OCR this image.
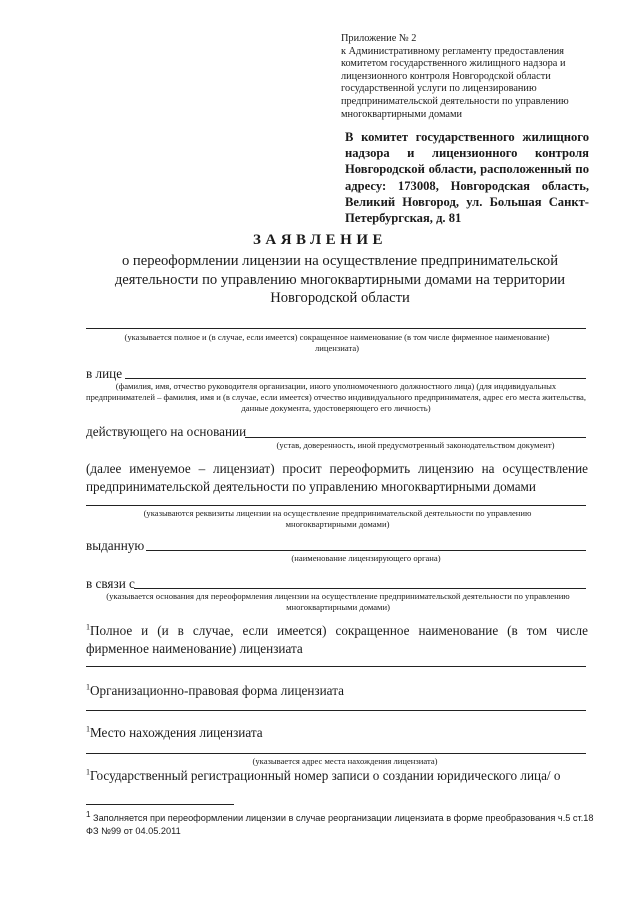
Приложение № 2
к Административному регламенту предоставления комитетом государственного жилищного надзора и лицензионного контроля Новгородской области государственной услуги по лицензированию предпринимательской деятельности по управлению многоквартирными домами
В комитет государственного жилищного надзора и лицензионного контроля Новгородской области, расположенный по адресу: 173008, Новгородская область, Великий Новгород, ул. Большая Санкт-Петербургская, д. 81
ЗАЯВЛЕНИЕ
о переоформлении лицензии на осуществление предпринимательской деятельности по управлению многоквартирными домами на территории Новгородской области
(указывается полное и (в случае, если имеется) сокращенное наименование (в том числе фирменное наименование) лицензиата)
в лице
(фамилия, имя, отчество руководителя организации, иного уполномоченного должностного лица) (для индивидуальных предпринимателей – фамилия, имя и (в случае, если имеется) отчество индивидуального предпринимателя, адрес его места жительства, данные документа, удостоверяющего его личность)
действующего на основании
(устав, доверенность, иной предусмотренный законодательством документ)
(далее именуемое – лицензиат) просит переоформить лицензию на осуществление предпринимательской деятельности по управлению многоквартирными домами
(указываются реквизиты лицензии на осуществление предпринимательской деятельности по управлению многоквартирными домами)
выданную
(наименование лицензирующего органа)
в связи с
(указывается основания для переоформления лицензии на осуществление предпринимательской деятельности по управлению многоквартирными домами)
$^1$Полное и (и в случае, если имеется) сокращенное наименование (в том числе фирменное наименование) лицензиата
$^1$Организационно-правовая форма лицензиата
$^1$Место нахождения лицензиата
(указывается адрес места нахождения лицензиата)
$^1$Государственный регистрационный номер записи о создании юридического лица/ о
1 Заполняется при переоформлении лицензии в случае реорганизации лицензиата в форме преобразования ч.5 ст.18 ФЗ №99 от 04.05.2011
